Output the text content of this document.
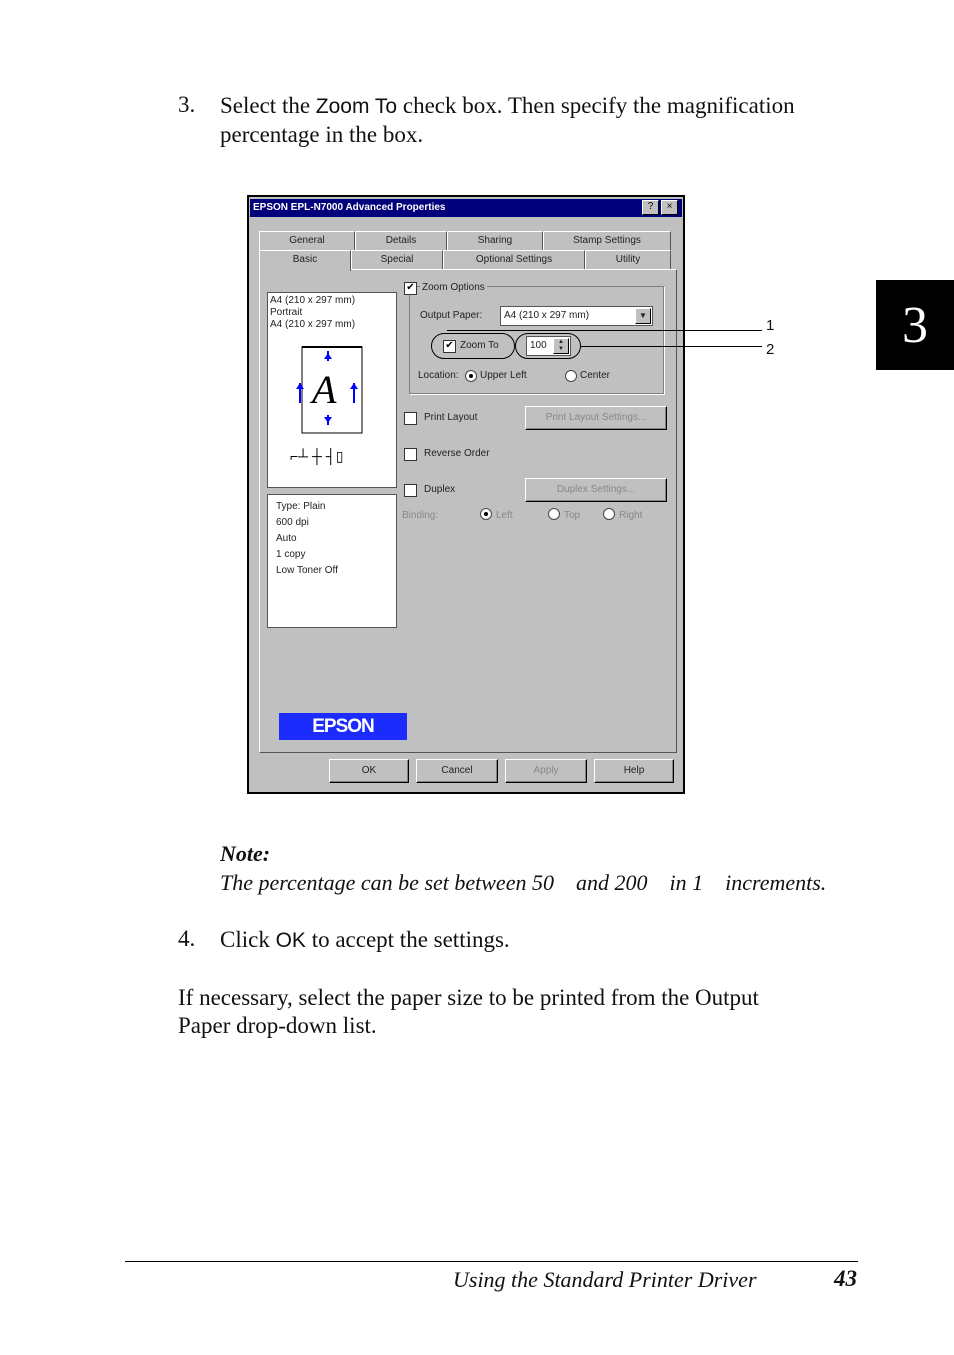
3. Select the Zoom To check box. Then specify the magnification
percentage in the box.
3
EPSON EPL-N7000 Advanced Properties	?	×
General	Details	Sharing	Stamp Settings
Basic	Special	Optional Settings	Utility
A4 (210 x 297 mm)
Portrait
A4 (210 x 297 mm)
A
⌐┴ ┼ ┤▯
Type: Plain
600 dpi
Auto
1 copy
Low Toner Off
EPSON
✔ Zoom Options
Output Paper:	A4 (210 x 297 mm)	▼
✔ Zoom To	100	▲
▼
Location: Upper Left	Center
Print Layout	Print Layout Settings...
Reverse Order
Duplex	Duplex Settings...
Binding:	Left	Top	Right
OK	Cancel	Apply	Help
1
2
Note:
The percentage can be set between 50    and 200    in 1    increments.
4. Click OK to accept the settings.
If necessary, select the paper size to be printed from the Output
Paper drop-down list.
Using the Standard Printer Driver	43
